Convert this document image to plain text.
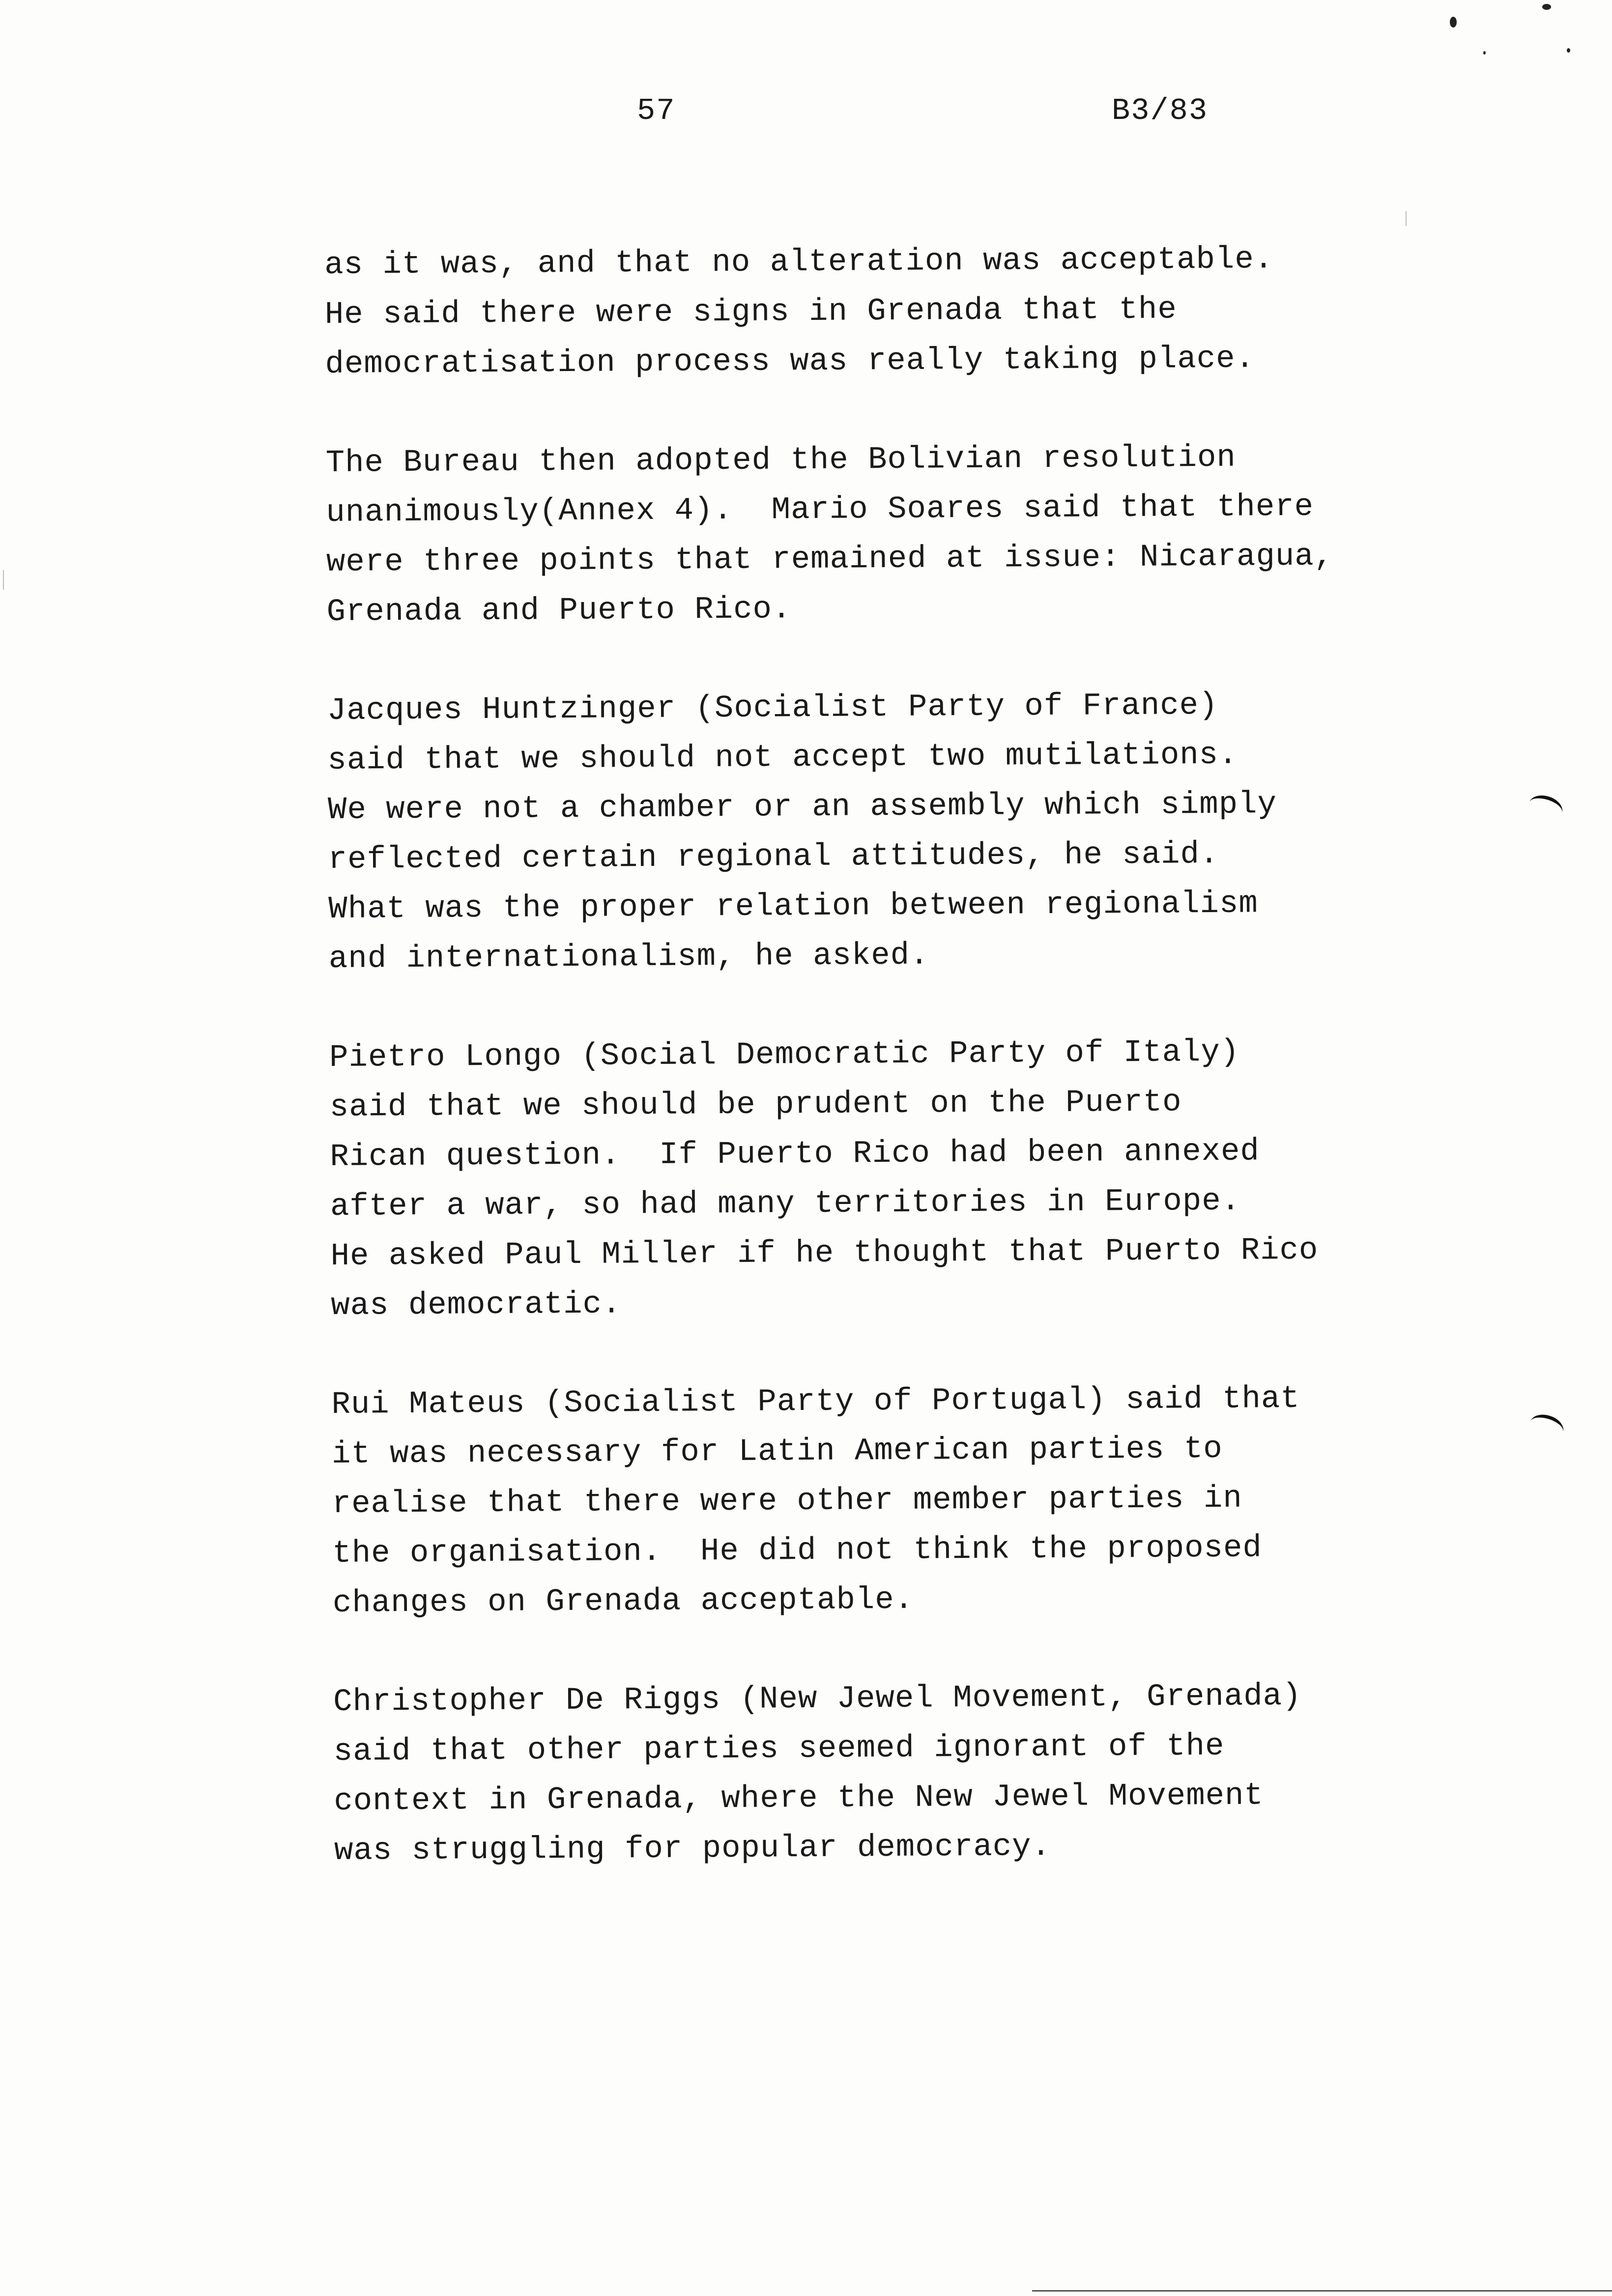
57	B3/83
as it was, and that no alteration was acceptable.
He said there were signs in Grenada that the
democratisation process was really taking place.
The Bureau then adopted the Bolivian resolution
unanimously(Annex 4).  Mario Soares said that there
were three points that remained at issue: Nicaragua,
Grenada and Puerto Rico.
Jacques Huntzinger (Socialist Party of France)
said that we should not accept two mutilations.
We were not a chamber or an assembly which simply
reflected certain regional attitudes, he said.
What was the proper relation between regionalism
and internationalism, he asked.
Pietro Longo (Social Democratic Party of Italy)
said that we should be prudent on the Puerto
Rican question.  If Puerto Rico had been annexed
after a war, so had many territories in Europe.
He asked Paul Miller if he thought that Puerto Rico
was democratic.
Rui Mateus (Socialist Party of Portugal) said that
it was necessary for Latin American parties to
realise that there were other member parties in
the organisation.  He did not think the proposed
changes on Grenada acceptable.
Christopher De Riggs (New Jewel Movement, Grenada)
said that other parties seemed ignorant of the
context in Grenada, where the New Jewel Movement
was struggling for popular democracy.
